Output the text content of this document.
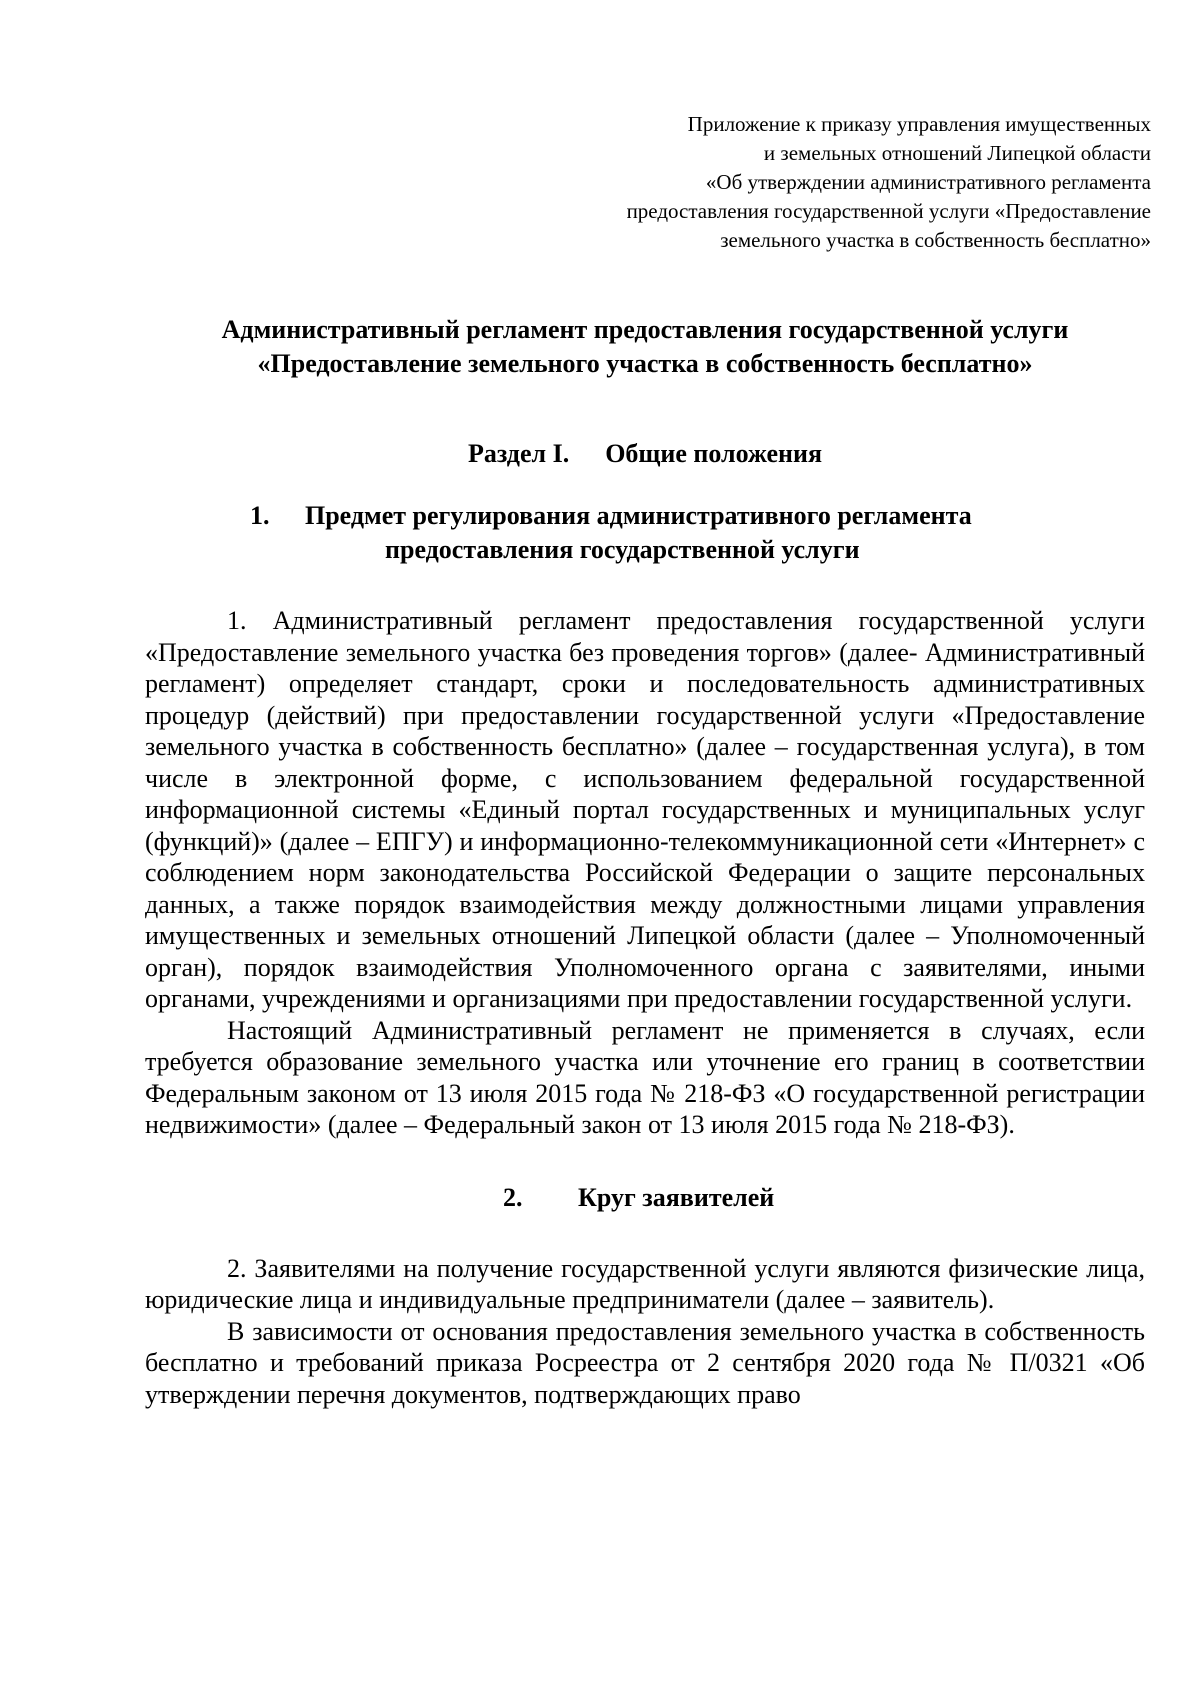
Приложение к приказу управления имущественных
и земельных отношений Липецкой области
«Об утверждении административного регламента
предоставления государственной услуги «Предоставление
земельного участка в собственность бесплатно»
Административный регламент предоставления государственной услуги
«Предоставление земельного участка в собственность бесплатно»
Раздел I. Общие положения
1. Предмет регулирования административного регламента
предоставления государственной услуги

1. Административный регламент предоставления государственной услуги «Предоставление земельного участка без проведения торгов» (далее- Административный регламент) определяет стандарт, сроки и последовательность административных процедур (действий) при предоставлении государственной услуги «Предоставление земельного участка в собственность бесплатно» (далее – государственная услуга), в том числе в электронной форме, с использованием федеральной государственной информационной системы «Единый портал государственных и муниципальных услуг (функций)» (далее – ЕПГУ) и информационно-телекоммуникационной сети «Интернет» с соблюдением норм законодательства Российской Федерации о защите персональных данных, а также порядок взаимодействия между должностными лицами управления имущественных и земельных отношений Липецкой области (далее – Уполномоченный орган), порядок взаимодействия Уполномоченного органа с заявителями, иными органами, учреждениями и организациями при предоставлении государственной услуги.

Настоящий Административный регламент не применяется в случаях, если требуется образование земельного участка или уточнение его границ в соответствии Федеральным законом от 13 июля 2015 года № 218-ФЗ «О государственной регистрации недвижимости» (далее – Федеральный закон от 13 июля 2015 года № 218-ФЗ).

2. Круг заявителей

2. Заявителями на получение государственной услуги являются физические лица, юридические лица и индивидуальные предприниматели (далее – заявитель).

В зависимости от основания предоставления земельного участка в собственность бесплатно и требований приказа Росреестра от 2 сентября 2020 года № П/0321 «Об утверждении перечня документов, подтверждающих право
